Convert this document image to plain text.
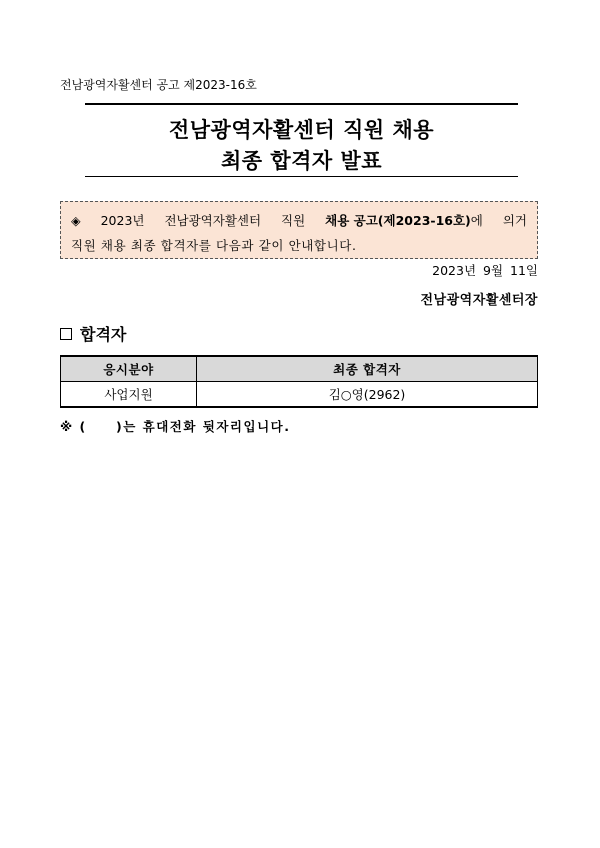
전남광역자활센터 공고 제2023-16호
전남광역자활센터 직원 채용
최종 합격자 발표
◈ 2023년 전남광역자활센터 직원 채용 공고(제2023-16호)에 의거
직원 채용 최종 합격자를 다음과 같이 안내합니다.
2023년 9월 11일
전남광역자활센터장
합격자
응시분야	최종 합격자
사업지원	김○영(2962)
※ (     )는 휴대전화 뒷자리입니다.
